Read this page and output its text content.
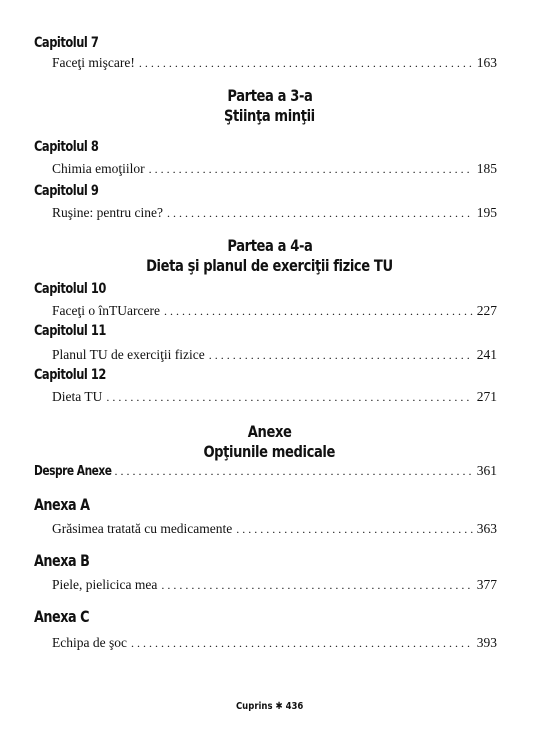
Capitolul 7
Faceţi mişcare! . . .	163
Partea a 3-a
Ştiinţa minţii
Capitolul 8
Chimia emoţiilor . . .	185
Capitolul 9
Ruşine: pentru cine? . . .	195
Partea a 4-a
Dieta şi planul de exerciţii fizice TU
Capitolul 10
Faceţi o înTUarcere . . .	227
Capitolul 11
Planul TU de exerciţii fizice . . .	241
Capitolul 12
Dieta TU . . .	271
Anexe
Opţiunile medicale
Despre Anexe . . .	361
Anexa A
Grăsimea tratată cu medicamente . . .	363
Anexa B
Piele, pielicica mea . . .	377
Anexa C
Echipa de şoc . . .	393
Cuprins ✱ 436
